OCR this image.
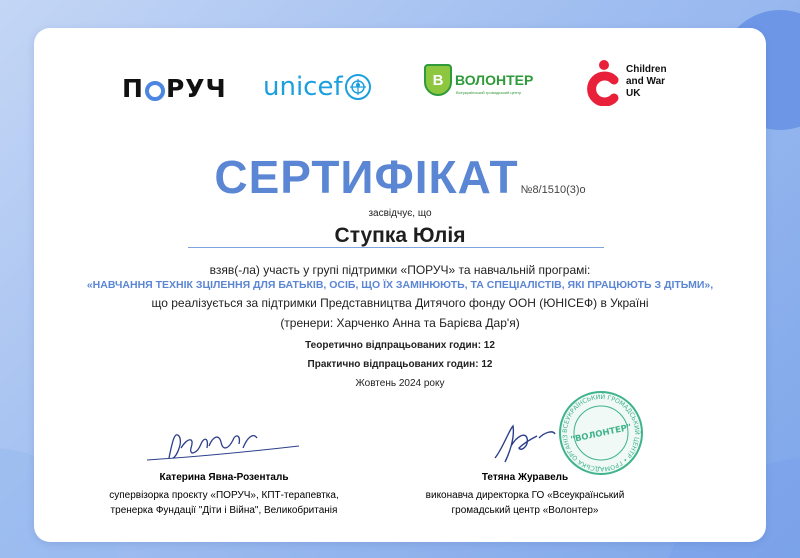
П РУЧ unicef	В ВОЛОНТЕР
Всеукраїнський громадський центр
Children
and War
UK
СЕРТИФІКАТ №8/1510(3)о
засвідчує, що
Ступка Юлія
взяв(-ла) участь у групі підтримки «ПОРУЧ» та навчальній програмі:
«НАВЧАННЯ ТЕХНІК ЗЦІЛЕННЯ ДЛЯ БАТЬКІВ, ОСІБ, ЩО ЇХ ЗАМІНЮЮТЬ, ТА СПЕЦІАЛІСТІВ, ЯКІ ПРАЦЮЮТЬ З ДІТЬМИ»,
що реалізується за підтримки Представництва Дитячого фонду ООН (ЮНІСЕФ) в Україні
(тренери: Харченко Анна та Барієва Дар'я)
Теоретично відпрацьованих годин: 12
Практично відпрацьованих годин: 12
Жовтень 2024 року
Катерина Явна-Розенталь
супервізорка проєкту «ПОРУЧ», КПТ-терапевтка,
тренерка Фундації "Діти і Війна", Великобританія
Тетяна Журавель
виконавча директорка ГО «Всеукраїнський
громадський центр «Волонтер»
ВСЕУКРАЇНСЬКИЙ ГРОМАДСЬКИЙ ЦЕНТР • ГРОМАДСЬКА ОРГАНІЗ "ВОЛОНТЕР"
